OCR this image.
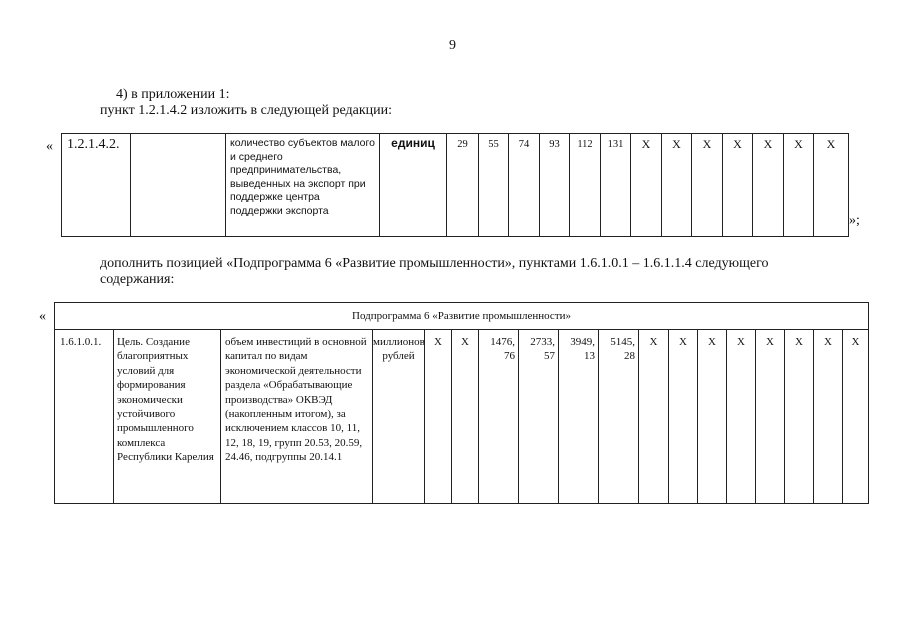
9
4) в приложении 1:
пункт 1.2.1.4.2 изложить в следующей редакции:
« 1.2.1.4.2.		количество субъектов малого и среднего предпринимательства, выведенных на экспорт при поддержке центра поддержки экспорта	единиц	29	55	74	93	112	131	X	X	X	X	X	X	X
»;
дополнить позицией «Подпрограмма 6 «Развитие промышленности», пунктами 1.6.1.0.1 – 1.6.1.1.4 следующего
содержания:
«	Подпрограмма 6 «Развитие промышленности»
1.6.1.0.1.	Цель. Создание благоприятных условий для формирования экономически устойчивого промышленного комплекса Республики Карелия	объем инвестиций в основной капитал по видам экономической деятельности раздела «Обрабатывающие производства» ОКВЭД (накопленным итогом), за исключением классов 10, 11, 12, 18, 19, групп 20.53, 20.59, 24.46, подгруппы 20.14.1	миллионов рублей	X	X	1476, 76	2733, 57	3949, 13	5145, 28	X	X	X	X	X	X	X	X
